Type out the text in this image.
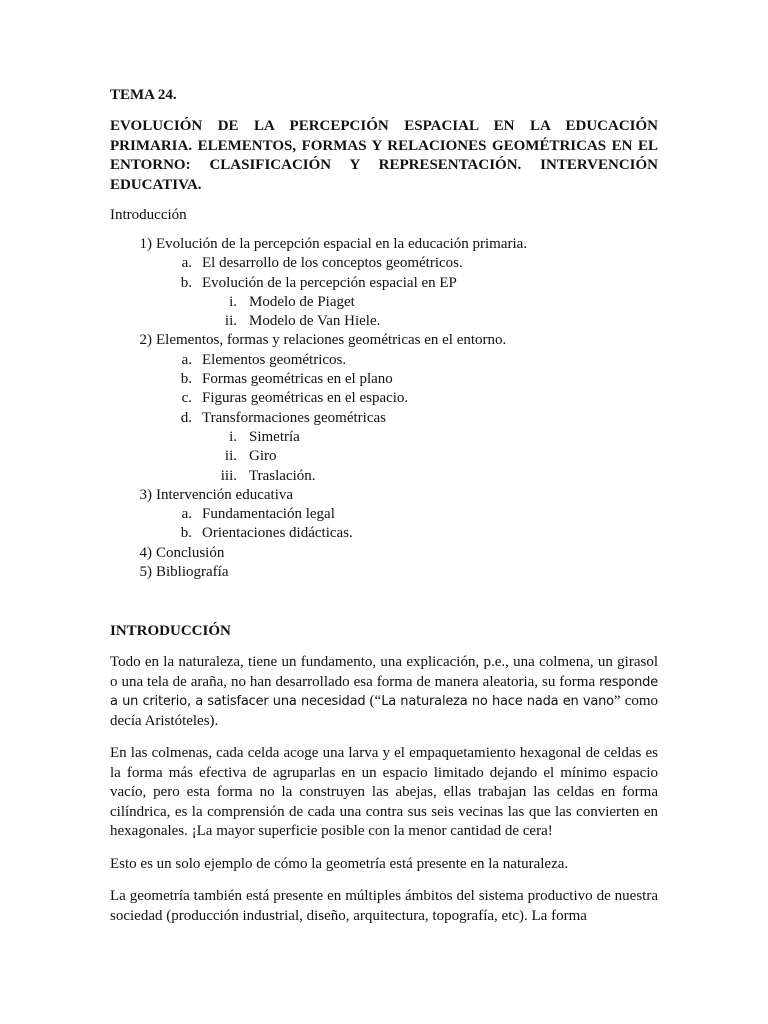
TEMA 24.
EVOLUCIÓN DE LA PERCEPCIÓN ESPACIAL EN LA EDUCACIÓN PRIMARIA. ELEMENTOS, FORMAS Y RELACIONES GEOMÉTRICAS EN EL ENTORNO: CLASIFICACIÓN Y REPRESENTACIÓN. INTERVENCIÓN EDUCATIVA.
Introducción
1) Evolución de la percepción espacial en la educación primaria.
a. El desarrollo de los conceptos geométricos.
b. Evolución de la percepción espacial en EP
i. Modelo de Piaget
ii. Modelo de Van Hiele.
2) Elementos, formas y relaciones geométricas en el entorno.
a. Elementos geométricos.
b. Formas geométricas en el plano
c. Figuras geométricas en el espacio.
d. Transformaciones geométricas
i. Simetría
ii. Giro
iii. Traslación.
3) Intervención educativa
a. Fundamentación legal
b. Orientaciones didácticas.
4) Conclusión
5) Bibliografía
INTRODUCCIÓN

Todo en la naturaleza, tiene un fundamento, una explicación, p.e., una colmena, un girasol o una tela de araña, no han desarrollado esa forma de manera aleatoria, su forma responde a un criterio, a satisfacer una necesidad (“La naturaleza no hace nada en vano” como decía Aristóteles).

En las colmenas, cada celda acoge una larva y el empaquetamiento hexagonal de celdas es la forma más efectiva de agruparlas en un espacio limitado dejando el mínimo espacio vacío, pero esta forma no la construyen las abejas, ellas trabajan las celdas en forma cilíndrica, es la comprensión de cada una contra sus seis vecinas las que las convierten en hexagonales. ¡La mayor superficie posible con la menor cantidad de cera!

Esto es un solo ejemplo de cómo la geometría está presente en la naturaleza.

La geometría también está presente en múltiples ámbitos del sistema productivo de nuestra sociedad (producción industrial, diseño, arquitectura, topografía, etc). La forma
